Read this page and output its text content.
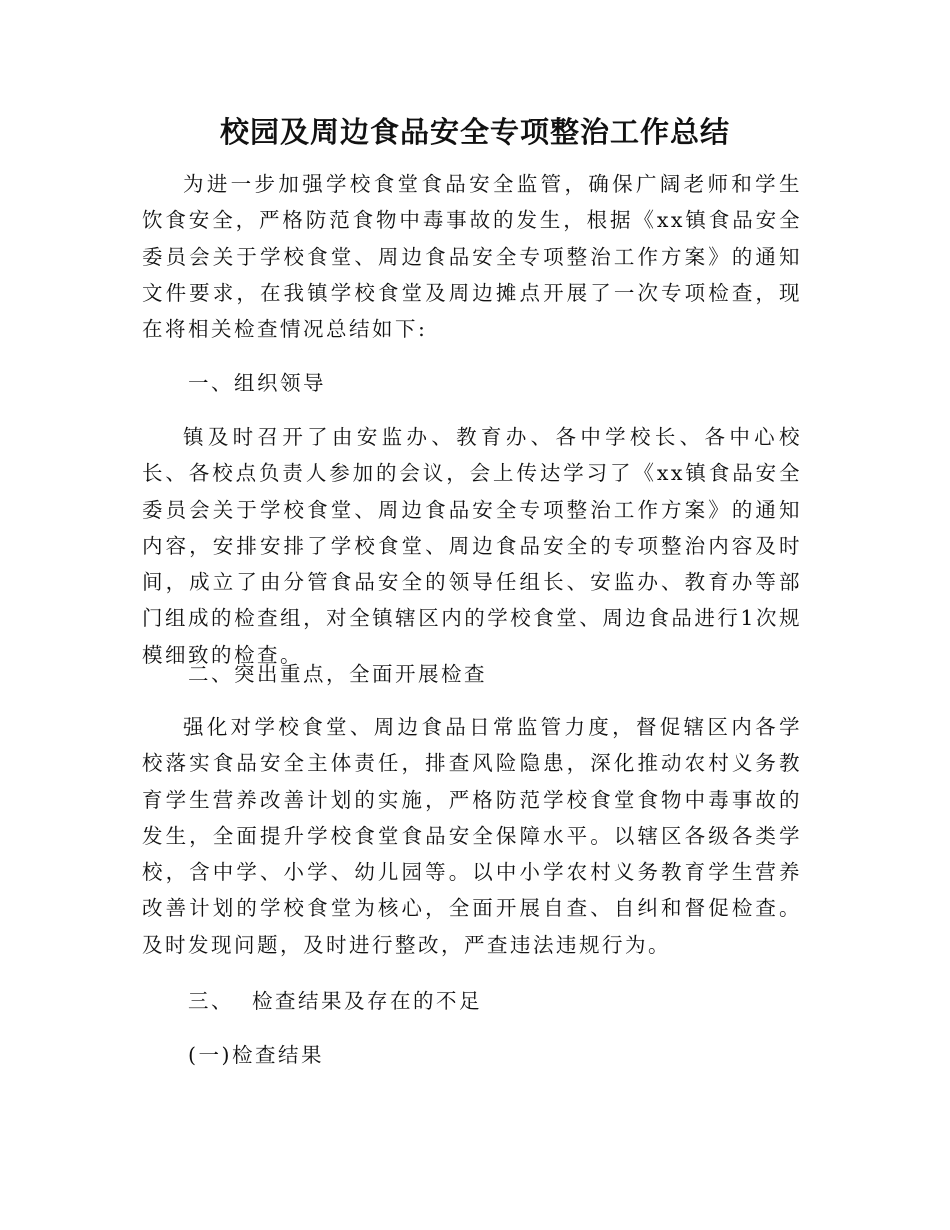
校园及周边食品安全专项整治工作总结

为进一步加强学校食堂食品安全监管，确保广阔老师和学生饮食安全，严格防范食物中毒事故的发生，根据《xx镇食品安全委员会关于学校食堂、周边食品安全专项整治工作方案》的通知文件要求，在我镇学校食堂及周边摊点开展了一次专项检查，现在将相关检查情况总结如下:

一、组织领导

镇及时召开了由安监办、教育办、各中学校长、各中心校长、各校点负责人参加的会议，会上传达学习了《xx镇食品安全委员会关于学校食堂、周边食品安全专项整治工作方案》的通知内容，安排安排了学校食堂、周边食品安全的专项整治内容及时间，成立了由分管食品安全的领导任组长、安监办、教育办等部门组成的检查组，对全镇辖区内的学校食堂、周边食品进行1次规模细致的检查。

二、突出重点，全面开展检查

强化对学校食堂、周边食品日常监管力度，督促辖区内各学校落实食品安全主体责任，排查风险隐患，深化推动农村义务教育学生营养改善计划的实施，严格防范学校食堂食物中毒事故的发生，全面提升学校食堂食品安全保障水平。以辖区各级各类学校，含中学、小学、幼儿园等。以中小学农村义务教育学生营养改善计划的学校食堂为核心，全面开展自查、自纠和督促检查。及时发现问题，及时进行整改，严查违法违规行为。

三、  检查结果及存在的不足

(一)检查结果
